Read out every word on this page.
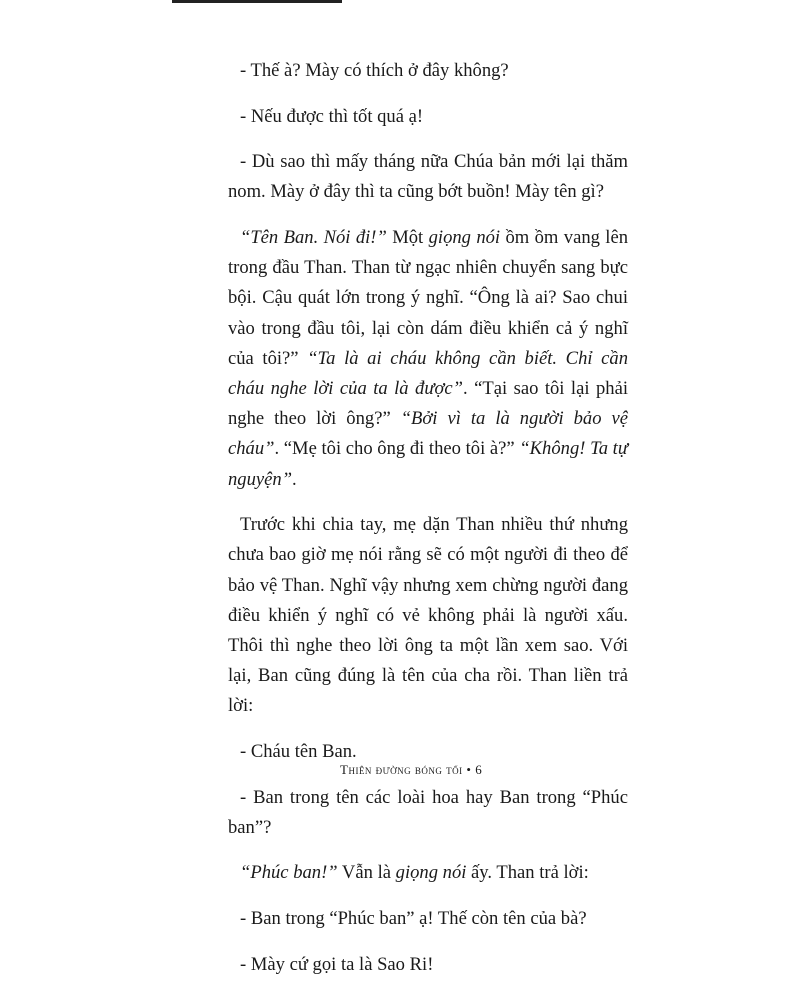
- Thế à? Mày có thích ở đây không?

- Nếu được thì tốt quá ạ!

- Dù sao thì mấy tháng nữa Chúa bản mới lại thăm nom. Mày ở đây thì ta cũng bớt buồn! Mày tên gì?

“Tên Ban. Nói đi!” Một giọng nói ồm ồm vang lên trong đầu Than. Than từ ngạc nhiên chuyển sang bực bội. Cậu quát lớn trong ý nghĩ. “Ông là ai? Sao chui vào trong đầu tôi, lại còn dám điều khiển cả ý nghĩ của tôi?” “Ta là ai cháu không cần biết. Chỉ cần cháu nghe lời của ta là được”. “Tại sao tôi lại phải nghe theo lời ông?” “Bởi vì ta là người bảo vệ cháu”. “Mẹ tôi cho ông đi theo tôi à?” “Không! Ta tự nguyện”.

Trước khi chia tay, mẹ dặn Than nhiều thứ nhưng chưa bao giờ mẹ nói rằng sẽ có một người đi theo để bảo vệ Than. Nghĩ vậy nhưng xem chừng người đang điều khiển ý nghĩ có vẻ không phải là người xấu. Thôi thì nghe theo lời ông ta một lần xem sao. Với lại, Ban cũng đúng là tên của cha rồi. Than liền trả lời:

- Cháu tên Ban.

- Ban trong tên các loài hoa hay Ban trong “Phúc ban”?

“Phúc ban!” Vẫn là giọng nói ấy. Than trả lời:

- Ban trong “Phúc ban” ạ! Thế còn tên của bà?

- Mày cứ gọi ta là Sao Ri!

Thiên đường bóng tối • 6
